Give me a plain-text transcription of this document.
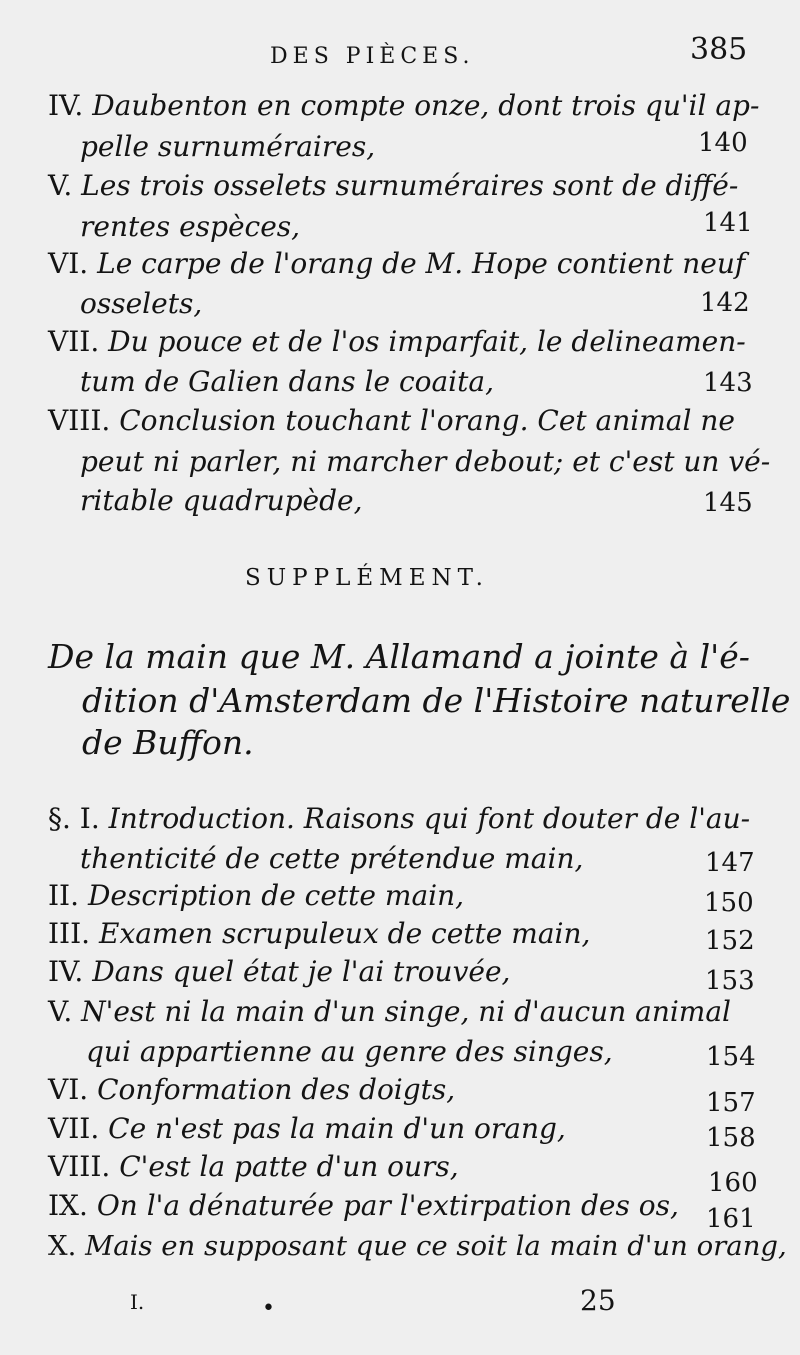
DES PIÈCES.	385
IV. Daubenton en compte onze, dont trois qu'il ap-
pelle surnuméraires,	140
V. Les trois osselets surnuméraires sont de diffé-
rentes espèces,	141
VI. Le carpe de l'orang de M. Hope contient neuf
osselets,	142
VII. Du pouce et de l'os imparfait, le delineamen-
tum de Galien dans le coaita,	143
VIII. Conclusion touchant l'orang. Cet animal ne
peut ni parler, ni marcher debout; et c'est un vé-
ritable quadrupède,	145
SUPPLÉMENT.
De la main que M. Allamand a jointe à l'é-
dition d'Amsterdam de l'Histoire naturelle
de Buffon.
§. I. Introduction. Raisons qui font douter de l'au-
thenticité de cette prétendue main,	147
II. Description de cette main,	150
III. Examen scrupuleux de cette main,	152
IV. Dans quel état je l'ai trouvée,	153
V. N'est ni la main d'un singe, ni d'aucun animal
qui appartienne au genre des singes,	154
VI. Conformation des doigts,	157
VII. Ce n'est pas la main d'un orang,	158
VIII. C'est la patte d'un ours,	160
IX. On l'a dénaturée par l'extirpation des os, 161
X. Mais en supposant que ce soit la main d'un orang,
I.	•	25
